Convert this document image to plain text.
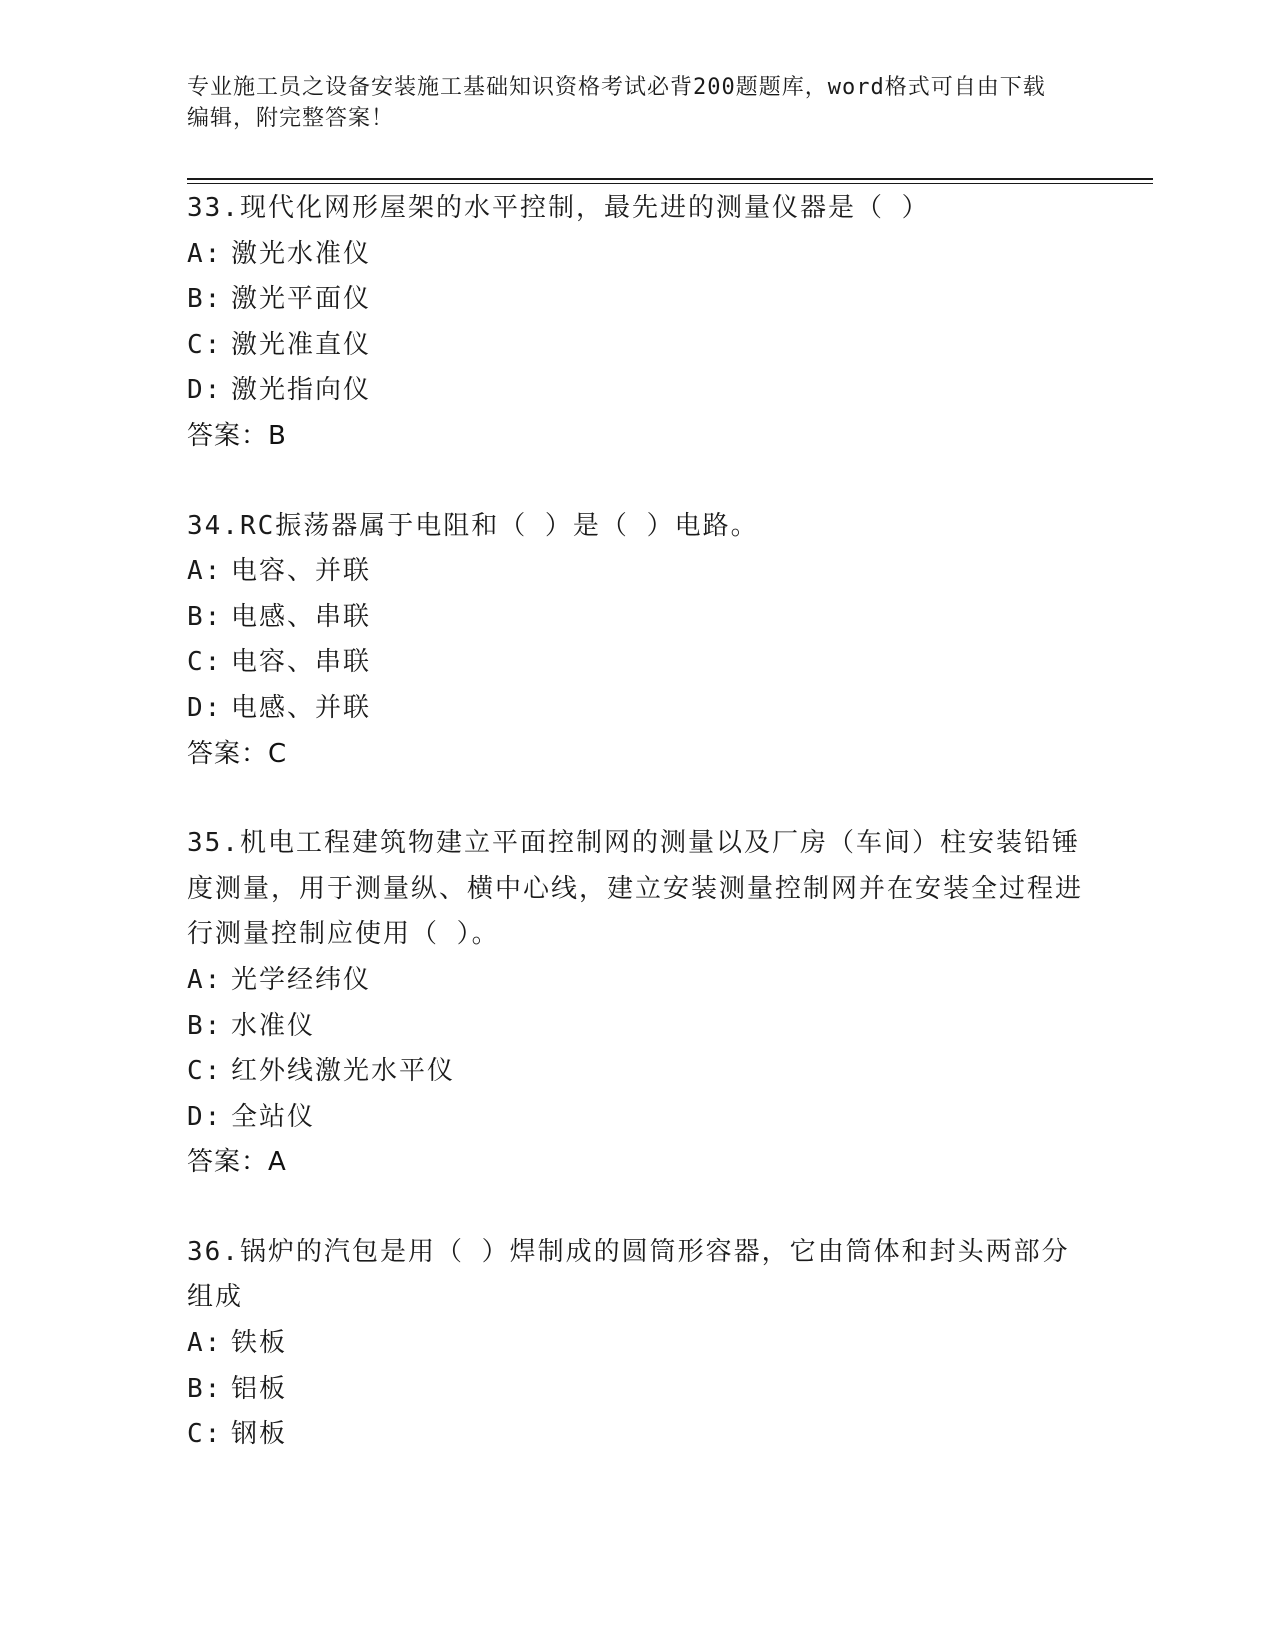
专业施工员之设备安装施工基础知识资格考试必背200题题库，word格式可自由下载编辑，附完整答案！
33.现代化网形屋架的水平控制，最先进的测量仪器是（ ）
A: 激光水准仪
B: 激光平面仪
C: 激光准直仪
D: 激光指向仪
答案：B
34.RC振荡器属于电阻和（ ）是（ ）电路。
A: 电容、并联
B: 电感、串联
C: 电容、串联
D: 电感、并联
答案：C
35.机电工程建筑物建立平面控制网的测量以及厂房（车间）柱安装铅锤度测量，用于测量纵、横中心线，建立安装测量控制网并在安装全过程进行测量控制应使用（ ）。
A: 光学经纬仪
B: 水准仪
C: 红外线激光水平仪
D: 全站仪
答案：A
36.锅炉的汽包是用（ ）焊制成的圆筒形容器，它由筒体和封头两部分组成
A: 铁板
B: 铝板
C: 钢板
